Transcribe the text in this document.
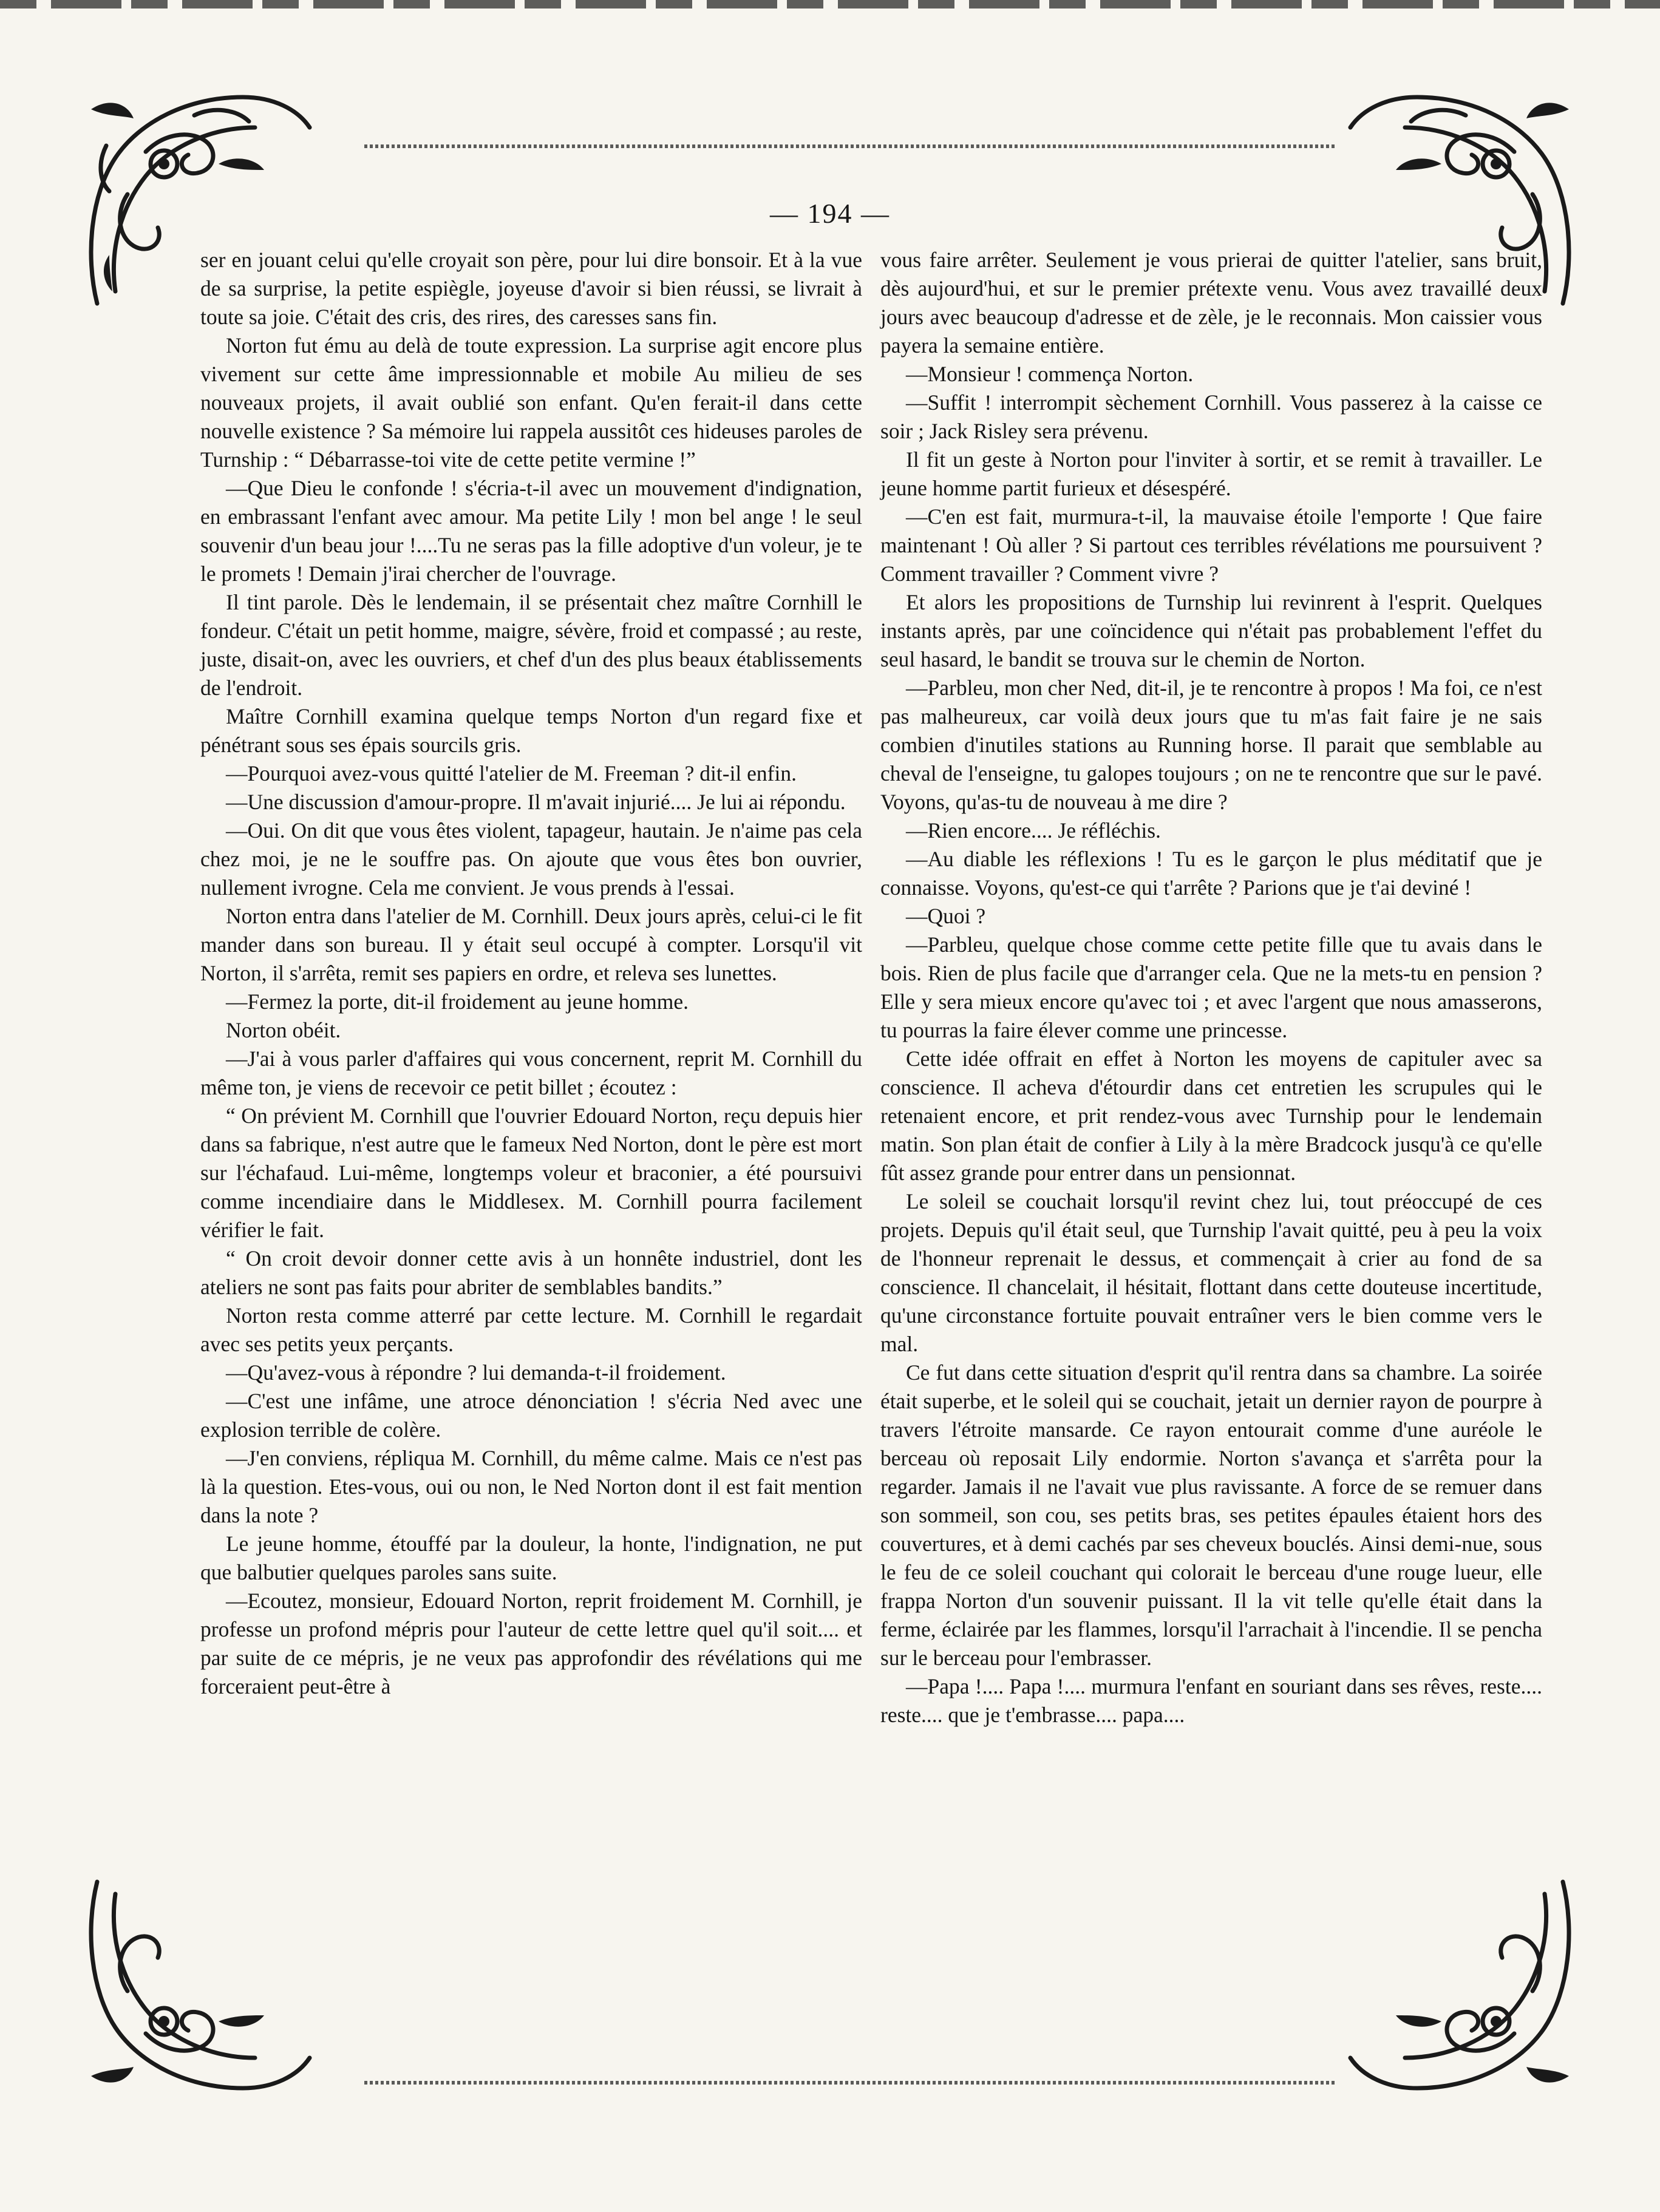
— 194 —

ser en jouant celui qu'elle croyait son père, pour lui dire bonsoir. Et à la vue de sa surprise, la petite espiègle, joyeuse d'avoir si bien réussi, se livrait à toute sa joie. C'était des cris, des rires, des caresses sans fin.

Norton fut ému au delà de toute expression. La surprise agit encore plus vivement sur cette âme impressionnable et mobile Au milieu de ses nouveaux projets, il avait oublié son enfant. Qu'en ferait-il dans cette nouvelle existence ? Sa mémoire lui rappela aussitôt ces hideuses paroles de Turnship : “ Débarrasse-toi vite de cette petite vermine !”

—Que Dieu le confonde ! s'écria-t-il avec un mouvement d'indignation, en embrassant l'enfant avec amour. Ma petite Lily ! mon bel ange ! le seul souvenir d'un beau jour !....Tu ne seras pas la fille adoptive d'un voleur, je te le promets ! Demain j'irai chercher de l'ouvrage.

Il tint parole. Dès le lendemain, il se présentait chez maître Cornhill le fondeur. C'était un petit homme, maigre, sévère, froid et compassé ; au reste, juste, disait-on, avec les ouvriers, et chef d'un des plus beaux établissements de l'endroit.

Maître Cornhill examina quelque temps Norton d'un regard fixe et pénétrant sous ses épais sourcils gris.

—Pourquoi avez-vous quitté l'atelier de M. Freeman ? dit-il enfin.

—Une discussion d'amour-propre. Il m'avait injurié.... Je lui ai répondu.

—Oui. On dit que vous êtes violent, tapageur, hautain. Je n'aime pas cela chez moi, je ne le souffre pas. On ajoute que vous êtes bon ouvrier, nullement ivrogne. Cela me convient. Je vous prends à l'essai.

Norton entra dans l'atelier de M. Cornhill. Deux jours après, celui-ci le fit mander dans son bureau. Il y était seul occupé à compter. Lorsqu'il vit Norton, il s'arrêta, remit ses papiers en ordre, et releva ses lunettes.

—Fermez la porte, dit-il froidement au jeune homme.

Norton obéit.

—J'ai à vous parler d'affaires qui vous concernent, reprit M. Cornhill du même ton, je viens de recevoir ce petit billet ; écoutez :

“ On prévient M. Cornhill que l'ouvrier Edouard Norton, reçu depuis hier dans sa fabrique, n'est autre que le fameux Ned Norton, dont le père est mort sur l'échafaud. Lui-même, longtemps voleur et braconier, a été poursuivi comme incendiaire dans le Middlesex. M. Cornhill pourra facilement vérifier le fait.

“ On croit devoir donner cette avis à un honnête industriel, dont les ateliers ne sont pas faits pour abriter de semblables bandits.”

Norton resta comme atterré par cette lecture. M. Cornhill le regardait avec ses petits yeux perçants.

—Qu'avez-vous à répondre ? lui demanda-t-il froidement.

—C'est une infâme, une atroce dénonciation ! s'écria Ned avec une explosion terrible de colère.

—J'en conviens, répliqua M. Cornhill, du même calme. Mais ce n'est pas là la question. Etes-vous, oui ou non, le Ned Norton dont il est fait mention dans la note ?

Le jeune homme, étouffé par la douleur, la honte, l'indignation, ne put que balbutier quelques paroles sans suite.

—Ecoutez, monsieur, Edouard Norton, reprit froidement M. Cornhill, je professe un profond mépris pour l'auteur de cette lettre quel qu'il soit.... et par suite de ce mépris, je ne veux pas approfondir des révélations qui me forceraient peut-être à

vous faire arrêter. Seulement je vous prierai de quitter l'atelier, sans bruit, dès aujourd'hui, et sur le premier prétexte venu. Vous avez travaillé deux jours avec beaucoup d'adresse et de zèle, je le reconnais. Mon caissier vous payera la semaine entière.

—Monsieur ! commença Norton.

—Suffit ! interrompit sèchement Cornhill. Vous passerez à la caisse ce soir ; Jack Risley sera prévenu.

Il fit un geste à Norton pour l'inviter à sortir, et se remit à travailler. Le jeune homme partit furieux et désespéré.

—C'en est fait, murmura-t-il, la mauvaise étoile l'emporte ! Que faire maintenant ! Où aller ? Si partout ces terribles révélations me poursuivent ? Comment travailler ? Comment vivre ?

Et alors les propositions de Turnship lui revinrent à l'esprit. Quelques instants après, par une coïncidence qui n'était pas probablement l'effet du seul hasard, le bandit se trouva sur le chemin de Norton.

—Parbleu, mon cher Ned, dit-il, je te rencontre à propos ! Ma foi, ce n'est pas malheureux, car voilà deux jours que tu m'as fait faire je ne sais combien d'inutiles stations au Running horse. Il parait que semblable au cheval de l'enseigne, tu galopes toujours ; on ne te rencontre que sur le pavé. Voyons, qu'as-tu de nouveau à me dire ?

—Rien encore.... Je réfléchis.

—Au diable les réflexions ! Tu es le garçon le plus méditatif que je connaisse. Voyons, qu'est-ce qui t'arrête ? Parions que je t'ai deviné !

—Quoi ?

—Parbleu, quelque chose comme cette petite fille que tu avais dans le bois. Rien de plus facile que d'arranger cela. Que ne la mets-tu en pension ? Elle y sera mieux encore qu'avec toi ; et avec l'argent que nous amasserons, tu pourras la faire élever comme une princesse.

Cette idée offrait en effet à Norton les moyens de capituler avec sa conscience. Il acheva d'étourdir dans cet entretien les scrupules qui le retenaient encore, et prit rendez-vous avec Turnship pour le lendemain matin. Son plan était de confier à Lily à la mère Bradcock jusqu'à ce qu'elle fût assez grande pour entrer dans un pensionnat.

Le soleil se couchait lorsqu'il revint chez lui, tout préoccupé de ces projets. Depuis qu'il était seul, que Turnship l'avait quitté, peu à peu la voix de l'honneur reprenait le dessus, et commençait à crier au fond de sa conscience. Il chancelait, il hésitait, flottant dans cette douteuse incertitude, qu'une circonstance fortuite pouvait entraîner vers le bien comme vers le mal.

Ce fut dans cette situation d'esprit qu'il rentra dans sa chambre. La soirée était superbe, et le soleil qui se couchait, jetait un dernier rayon de pourpre à travers l'étroite mansarde. Ce rayon entourait comme d'une auréole le berceau où reposait Lily endormie. Norton s'avança et s'arrêta pour la regarder. Jamais il ne l'avait vue plus ravissante. A force de se remuer dans son sommeil, son cou, ses petits bras, ses petites épaules étaient hors des couvertures, et à demi cachés par ses cheveux bouclés. Ainsi demi-nue, sous le feu de ce soleil couchant qui colorait le berceau d'une rouge lueur, elle frappa Norton d'un souvenir puissant. Il la vit telle qu'elle était dans la ferme, éclairée par les flammes, lorsqu'il l'arrachait à l'incendie. Il se pencha sur le berceau pour l'embrasser.

—Papa !.... Papa !.... murmura l'enfant en souriant dans ses rêves, reste.... reste.... que je t'embrasse.... papa....
